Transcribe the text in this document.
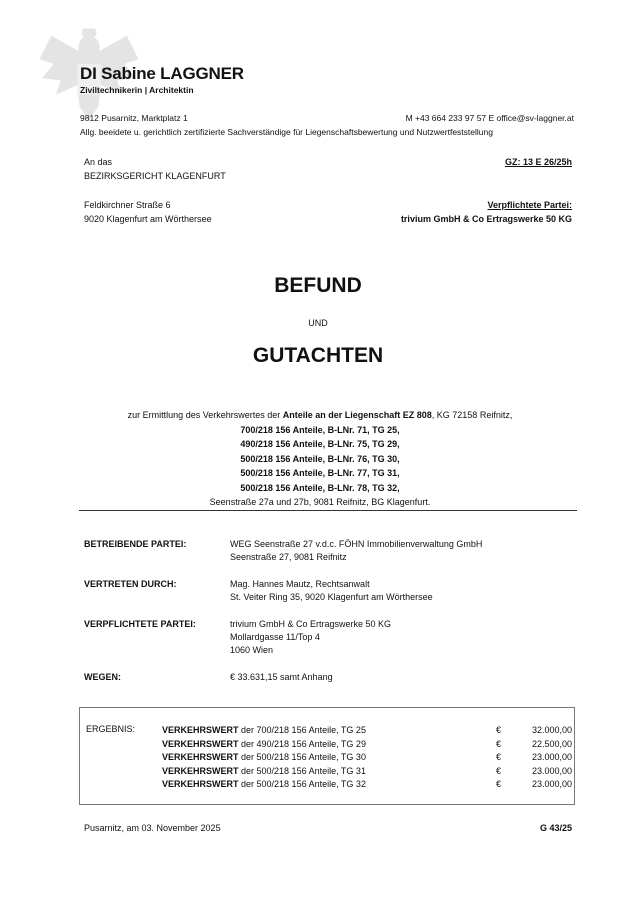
DI Sabine LAGGNER
Ziviltechnikerin | Architektin
9812 Pusarnitz, Marktplatz 1	M +43 664 233 97 57 E office@sv-laggner.at
Allg. beeidete u. gerichtlich zertifizierte Sachverständige für Liegenschaftsbewertung und Nutzwertfeststellung
An das
BEZIRKSGERICHT KLAGENFURT
Feldkirchner Straße 6
9020 Klagenfurt am Wörthersee
GZ: 13 E 26/25h
Verpflichtete Partei:
trivium GmbH & Co Ertragswerke 50 KG
BEFUND
UND
GUTACHTEN
zur Ermittlung des Verkehrswertes der Anteile an der Liegenschaft EZ 808, KG 72158 Reifnitz,
700/218 156 Anteile, B-LNr. 71, TG 25,
490/218 156 Anteile, B-LNr. 75, TG 29,
500/218 156 Anteile, B-LNr. 76, TG 30,
500/218 156 Anteile, B-LNr. 77, TG 31,
500/218 156 Anteile, B-LNr. 78, TG 32,
Seenstraße 27a und 27b, 9081 Reifnitz, BG Klagenfurt.
BETREIBENDE PARTEI:	WEG Seenstraße 27 v.d.c. FÖHN Immobilienverwaltung GmbH
Seenstraße 27, 9081 Reifnitz
VERTRETEN DURCH:	Mag. Hannes Mautz, Rechtsanwalt
St. Veiter Ring 35, 9020 Klagenfurt am Wörthersee
VERPFLICHTETE PARTEI:	trivium GmbH & Co Ertragswerke 50 KG
Mollardgasse 11/Top 4
1060 Wien
WEGEN:	€ 33.631,15 samt Anhang
ERGEBNIS:	VERKEHRSWERT der 700/218 156 Anteile, TG 25	€	32.000,00
VERKEHRSWERT der 490/218 156 Anteile, TG 29	€	22.500,00
VERKEHRSWERT der 500/218 156 Anteile, TG 30	€	23.000,00
VERKEHRSWERT der 500/218 156 Anteile, TG 31	€	23.000,00
VERKEHRSWERT der 500/218 156 Anteile, TG 32	€	23.000,00
Pusarnitz, am 03. November 2025	G 43/25
